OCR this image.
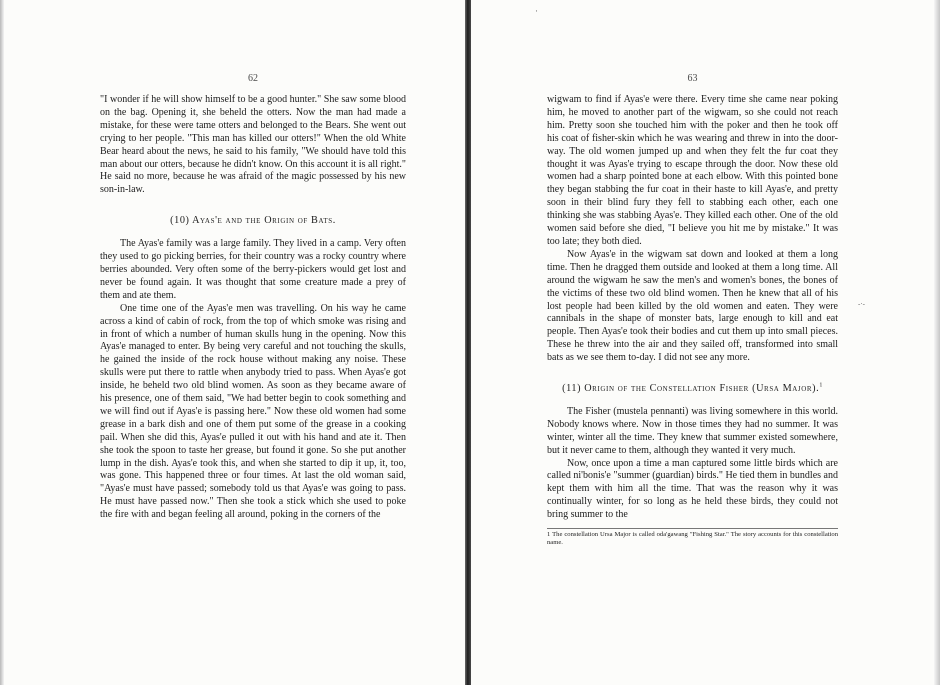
·
-·-
62

"I wonder if he will show himself to be a good hunter." She saw some blood on the bag. Opening it, she beheld the otters. Now the man had made a mistake, for these were tame otters and belonged to the Bears. She went out crying to her people. "This man has killed our otters!" When the old White Bear heard about the news, he said to his family, "We should have told this man about our otters, because he didn't know. On this account it is all right." He said no more, because he was afraid of the magic possessed by his new son-in-law.

(10) Ayas'e and the Origin of Bats.

The Ayas'e family was a large family. They lived in a camp. Very often they used to go picking berries, for their country was a rocky country where berries abounded. Very often some of the berry-pickers would get lost and never be found again. It was thought that some creature made a prey of them and ate them.

One time one of the Ayas'e men was travelling. On his way he came across a kind of cabin of rock, from the top of which smoke was rising and in front of which a number of human skulls hung in the opening. Now this Ayas'e managed to enter. By being very careful and not touching the skulls, he gained the inside of the rock house without making any noise. These skulls were put there to rattle when anybody tried to pass. When Ayas'e got inside, he beheld two old blind women. As soon as they became aware of his presence, one of them said, "We had better begin to cook something and we will find out if Ayas'e is passing here." Now these old women had some grease in a bark dish and one of them put some of the grease in a cooking pail. When she did this, Ayas'e pulled it out with his hand and ate it. Then she took the spoon to taste her grease, but found it gone. So she put another lump in the dish. Ayas'e took this, and when she started to dip it up, it, too, was gone. This happened three or four times. At last the old woman said, "Ayas'e must have passed; somebody told us that Ayas'e was going to pass. He must have passed now." Then she took a stick which she used to poke the fire with and began feeling all around, poking in the corners of the

63

wigwam to find if Ayas'e were there. Every time she came near poking him, he moved to another part of the wigwam, so she could not reach him. Pretty soon she touched him with the poker and then he took off his coat of fisher-skin which he was wearing and threw in into the door-way. The old women jumped up and when they felt the fur coat they thought it was Ayas'e trying to escape through the door. Now these old women had a sharp pointed bone at each elbow. With this pointed bone they began stabbing the fur coat in their haste to kill Ayas'e, and pretty soon in their blind fury they fell to stabbing each other, each one thinking she was stabbing Ayas'e. They killed each other. One of the old women said before she died, "I believe you hit me by mistake." It was too late; they both died.

Now Ayas'e in the wigwam sat down and looked at them a long time. Then he dragged them outside and looked at them a long time. All around the wigwam he saw the men's and women's bones, the bones of the victims of these two old blind women. Then he knew that all of his lost people had been killed by the old women and eaten. They were cannibals in the shape of monster bats, large enough to kill and eat people. Then Ayas'e took their bodies and cut them up into small pieces. These he threw into the air and they sailed off, transformed into small bats as we see them to-day. I did not see any more.

(11) Origin of the Constellation Fisher (Ursa Major).$^1$

The Fisher (mustela pennanti) was living somewhere in this world. Nobody knows where. Now in those times they had no summer. It was winter, winter all the time. They knew that summer existed somewhere, but it never came to them, although they wanted it very much.

Now, once upon a time a man captured some little birds which are called ni'bonis'e "summer (guardian) birds." He tied them in bundles and kept them with him all the time. That was the reason why it was continually winter, for so long as he held these birds, they could not bring summer to the

1 The constellation Ursa Major is called oda'gawang "Fishing Star." The story accounts for this constellation name.
